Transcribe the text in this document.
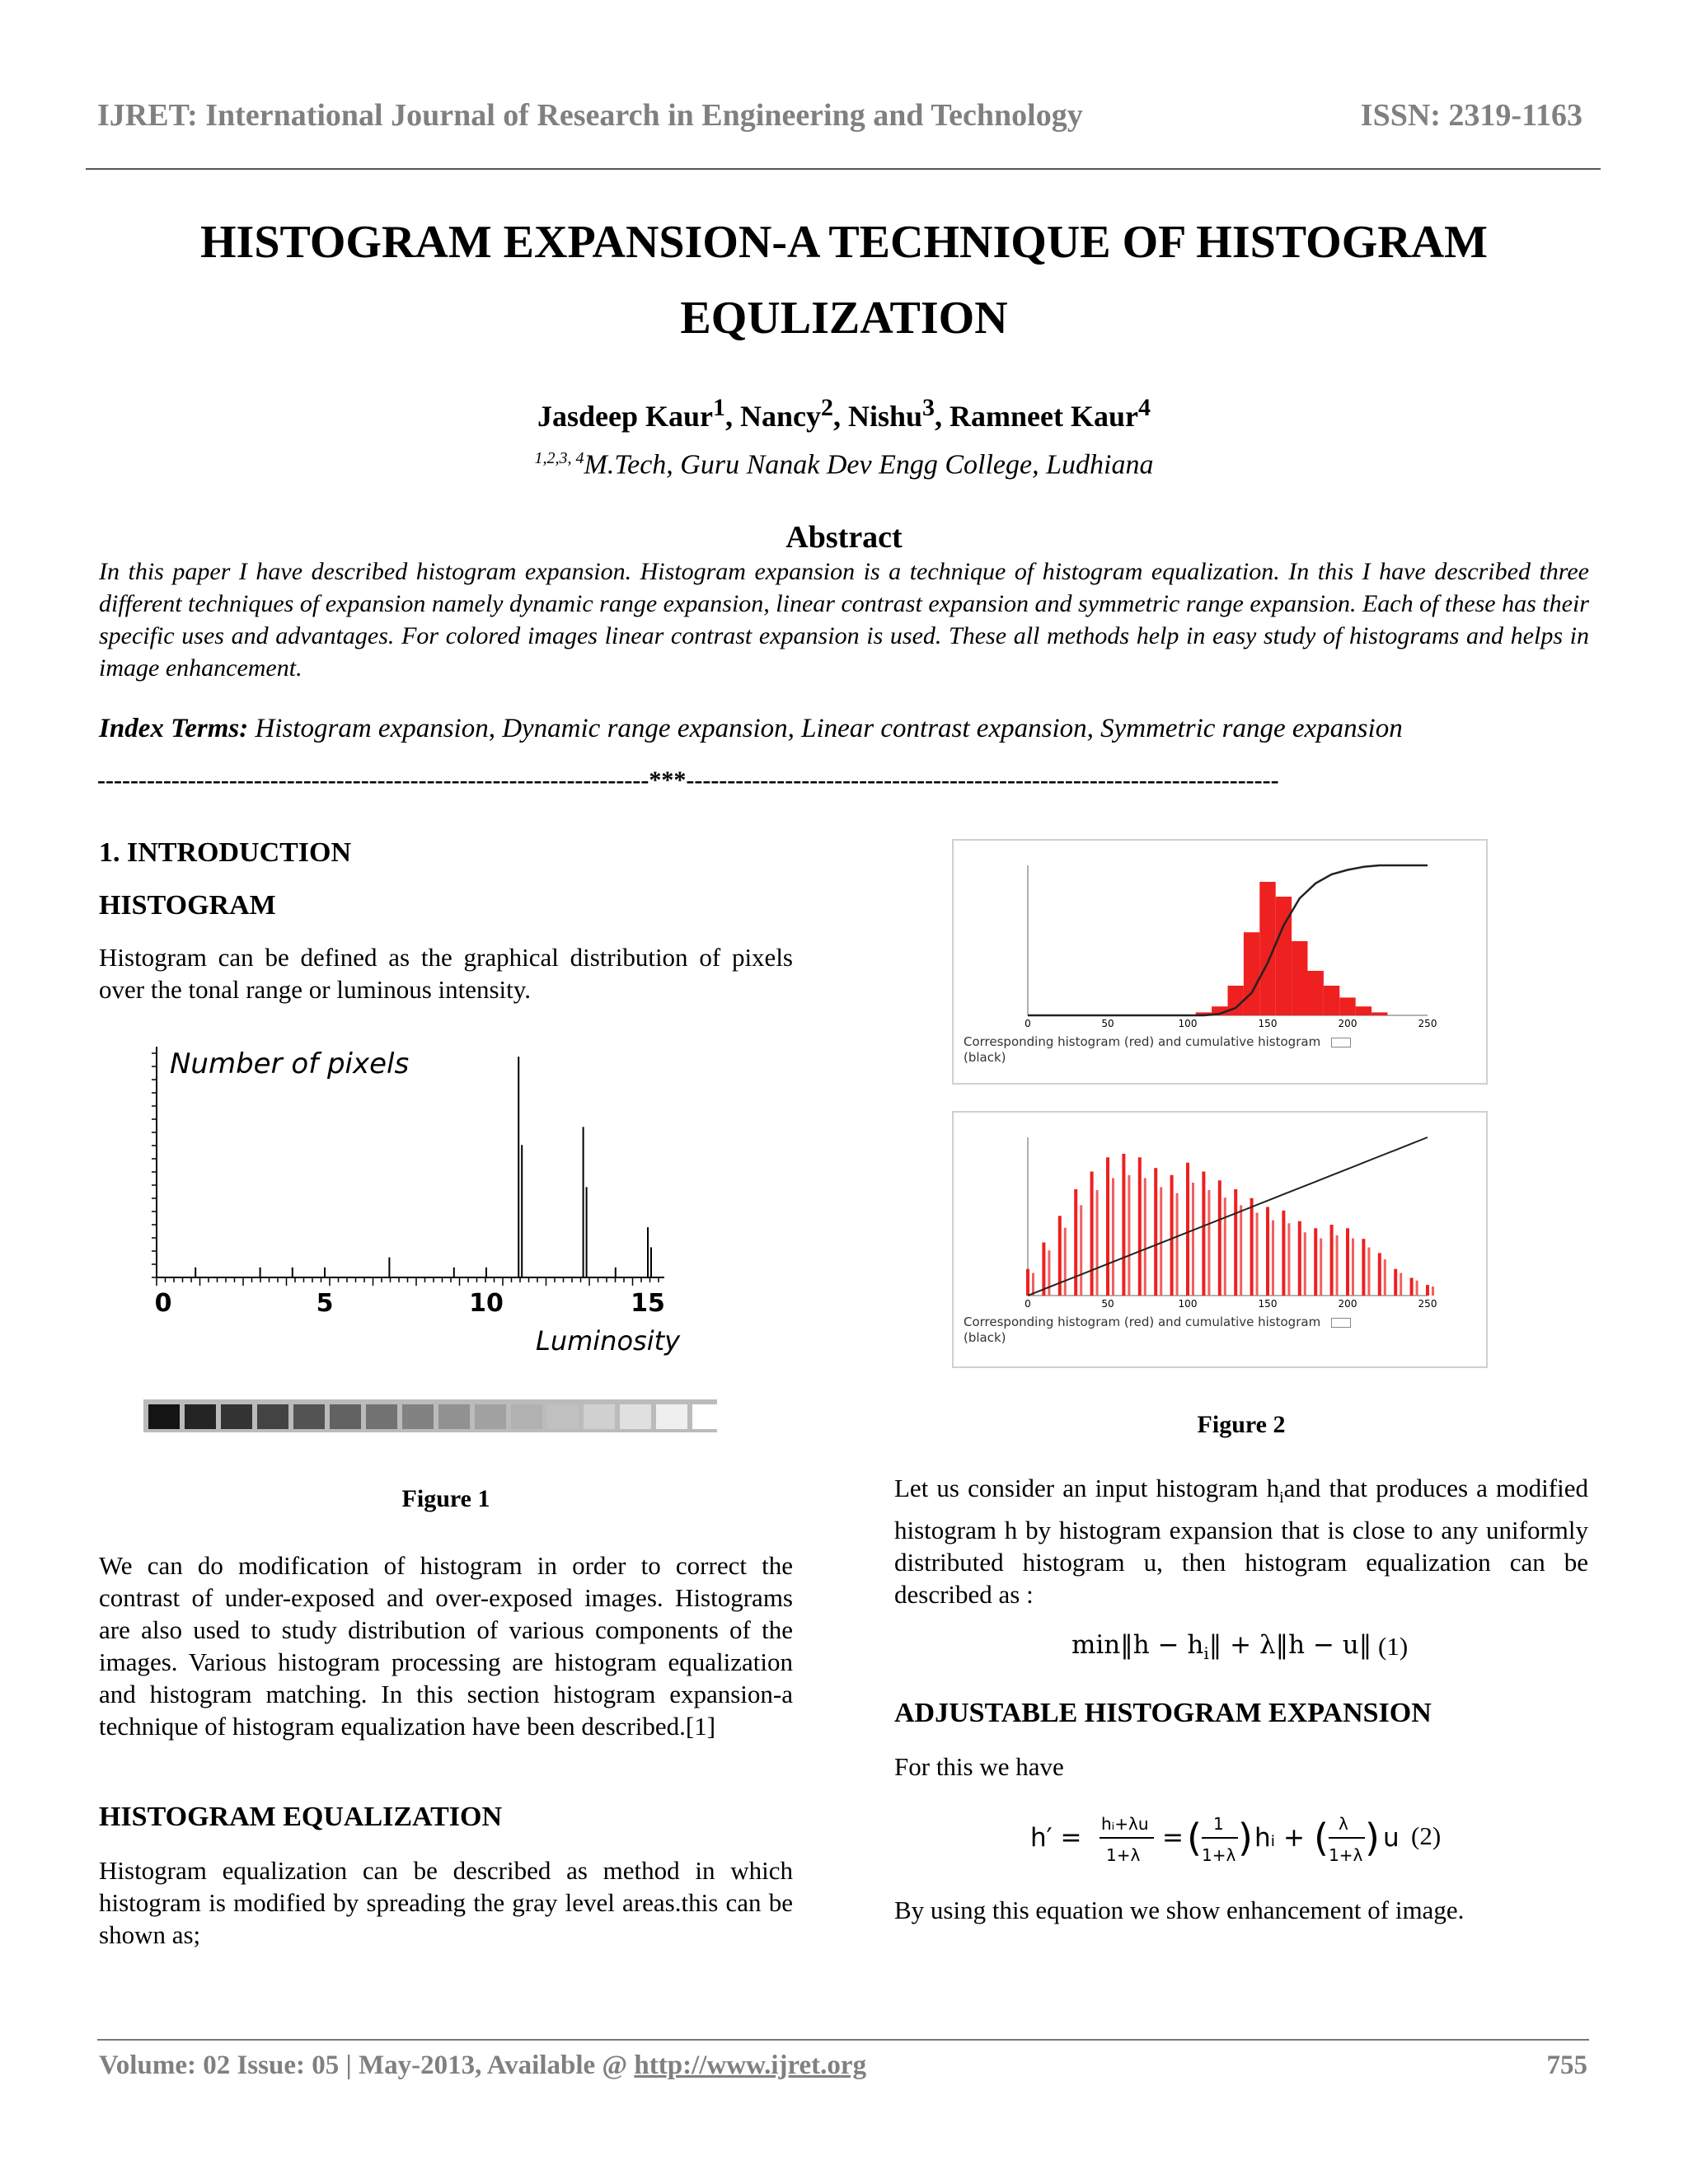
IJRET: International Journal of Research in Engineering and Technology	ISSN: 2319-1163
HISTOGRAM EXPANSION-A TECHNIQUE OF HISTOGRAM
EQULIZATION
Jasdeep Kaur$^1$, Nancy$^2$, Nishu$^3$, Ramneet Kaur$^4$
$^{1,2,3, 4}$M.Tech, Guru Nanak Dev Engg College, Ludhiana
Abstract
In this paper I have described histogram expansion. Histogram expansion is a technique of histogram equalization. In this I have described three different techniques of expansion namely dynamic range expansion, linear contrast expansion and symmetric range expansion. Each of these has their specific uses and advantages. For colored images linear contrast expansion is used. These all methods help in easy study of histograms and helps in image enhancement.
Index Terms: Histogram expansion, Dynamic range expansion, Linear contrast expansion, Symmetric range expansion
-------------------------------------------------------------------***------------------------------------------------------------------------
1. INTRODUCTION
HISTOGRAM
Histogram can be defined as the graphical distribution of pixels over the tonal range or luminous intensity.
0	5	10	15
Number of pixels
Luminosity
Figure 1
We can do modification of histogram in order to correct the contrast of under-exposed and over-exposed images. Histograms are also used to study distribution of various components of the images. Various histogram processing are histogram equalization and histogram matching. In this section histogram expansion-a technique of histogram equalization have been described.[1]
HISTOGRAM EQUALIZATION
Histogram equalization can be described as method in which histogram is modified by spreading the gray level areas.this can be shown as;
0	50	100	150	200	250
Corresponding histogram (red) and cumulative histogram
(black)
0	50	100	150	200	250
Corresponding histogram (red) and cumulative histogram
(black)
Figure 2
Let us consider an input histogram $h_iand$ that produces a modified histogram h by histogram expansion that is close to any uniformly distributed histogram u, then histogram equalization can be described as :
min‖h − $h_i‖$ + λ‖h − u‖ (1)
ADJUSTABLE HISTOGRAM EXPANSION
For this we have
h′ = hᵢ+λu
1+λ
= ( 1
1+λ ) hᵢ + ( λ
1+λ ) u (2)
By using this equation we show enhancement of image.
Volume: 02 Issue: 05 | May-2013, Available @ http://www.ijret.org	755
